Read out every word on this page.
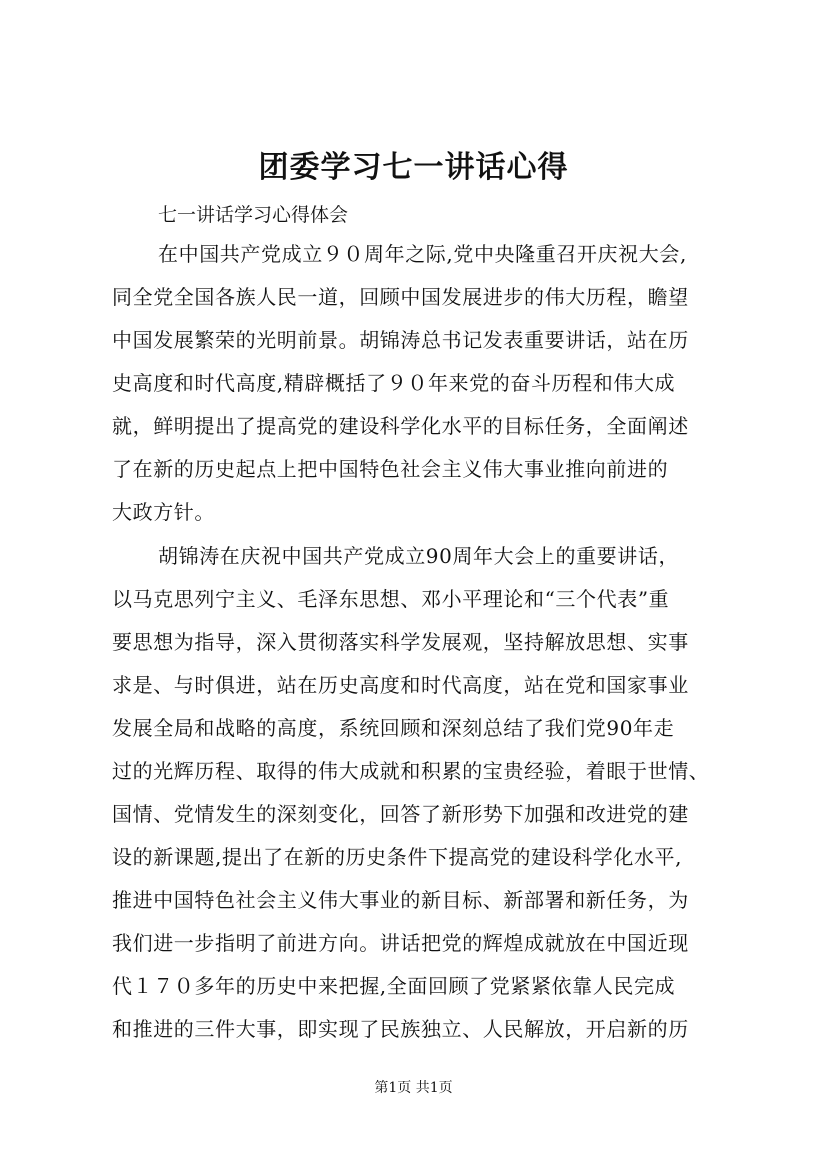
团委学习七一讲话心得
七一讲话学习心得体会
在中国共产党成立９０周年之际,党中央隆重召开庆祝大会,
同全党全国各族人民一道，回顾中国发展进步的伟大历程，瞻望
中国发展繁荣的光明前景。胡锦涛总书记发表重要讲话，站在历
史高度和时代高度,精辟概括了９０年来党的奋斗历程和伟大成
就，鲜明提出了提高党的建设科学化水平的目标任务，全面阐述
了在新的历史起点上把中国特色社会主义伟大事业推向前进的
大政方针。
胡锦涛在庆祝中国共产党成立90周年大会上的重要讲话，
以马克思列宁主义、毛泽东思想、邓小平理论和“三个代表”重
要思想为指导，深入贯彻落实科学发展观，坚持解放思想、实事
求是、与时俱进，站在历史高度和时代高度，站在党和国家事业
发展全局和战略的高度，系统回顾和深刻总结了我们党90年走
过的光辉历程、取得的伟大成就和积累的宝贵经验，着眼于世情、
国情、党情发生的深刻变化，回答了新形势下加强和改进党的建
设的新课题,提出了在新的历史条件下提高党的建设科学化水平,
推进中国特色社会主义伟大事业的新目标、新部署和新任务，为
我们进一步指明了前进方向。讲话把党的辉煌成就放在中国近现
代１７０多年的历史中来把握,全面回顾了党紧紧依靠人民完成
和推进的三件大事，即实现了民族独立、人民解放，开启新的历
第1页 共1页
